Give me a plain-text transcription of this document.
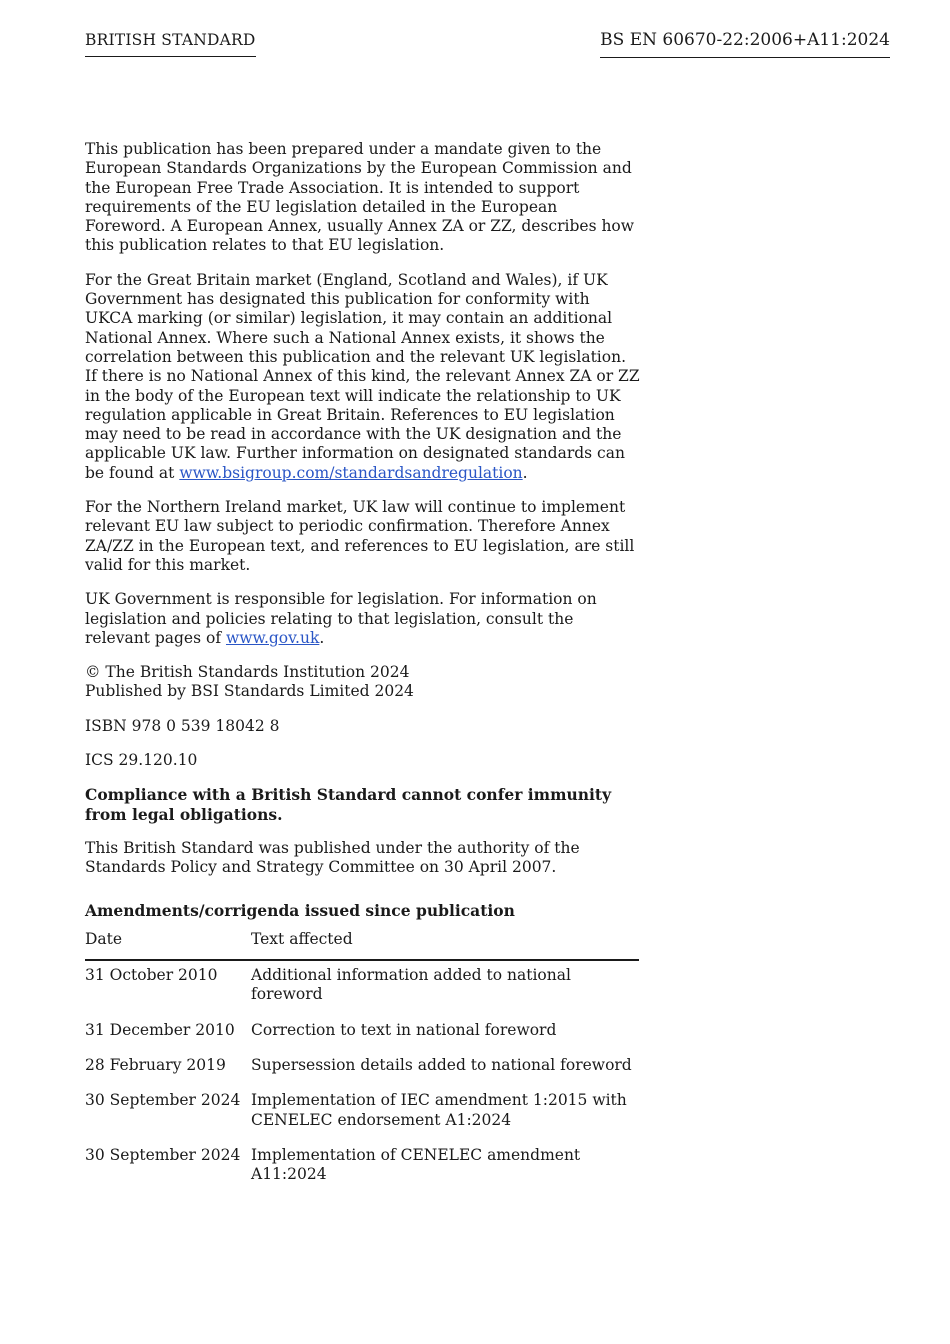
BRITISH STANDARD	BS EN 60670-22:2006+A11:2024

This publication has been prepared under a mandate given to the European Standards Organizations by the European Commission and the European Free Trade Association. It is intended to support requirements of the EU legislation detailed in the European Foreword. A European Annex, usually Annex ZA or ZZ, describes how this publication relates to that EU legislation.

For the Great Britain market (England, Scotland and Wales), if UK Government has designated this publication for conformity with UKCA marking (or similar) legislation, it may contain an additional National Annex. Where such a National Annex exists, it shows the correlation between this publication and the relevant UK legislation. If there is no National Annex of this kind, the relevant Annex ZA or ZZ in the body of the European text will indicate the relationship to UK regulation applicable in Great Britain. References to EU legislation may need to be read in accordance with the UK designation and the applicable UK law. Further information on designated standards can be found at www.bsigroup.com/standardsandregulation.

For the Northern Ireland market, UK law will continue to implement relevant EU law subject to periodic confirmation. Therefore Annex ZA/ZZ in the European text, and references to EU legislation, are still valid for this market.

UK Government is responsible for legislation. For information on legislation and policies relating to that legislation, consult the relevant pages of www.gov.uk.

© The British Standards Institution 2024
Published by BSI Standards Limited 2024

ISBN 978 0 539 18042 8

ICS 29.120.10

Compliance with a British Standard cannot confer immunity from legal obligations.

This British Standard was published under the authority of the Standards Policy and Strategy Committee on 30 April 2007.

Amendments/corrigenda issued since publication

Date	Text affected
31 October 2010	Additional information added to national foreword
31 December 2010	Correction to text in national foreword
28 February 2019	Supersession details added to national foreword
30 September 2024	Implementation of IEC amendment 1:2015 with CENELEC endorsement A1:2024
30 September 2024	Implementation of CENELEC amendment A11:2024
